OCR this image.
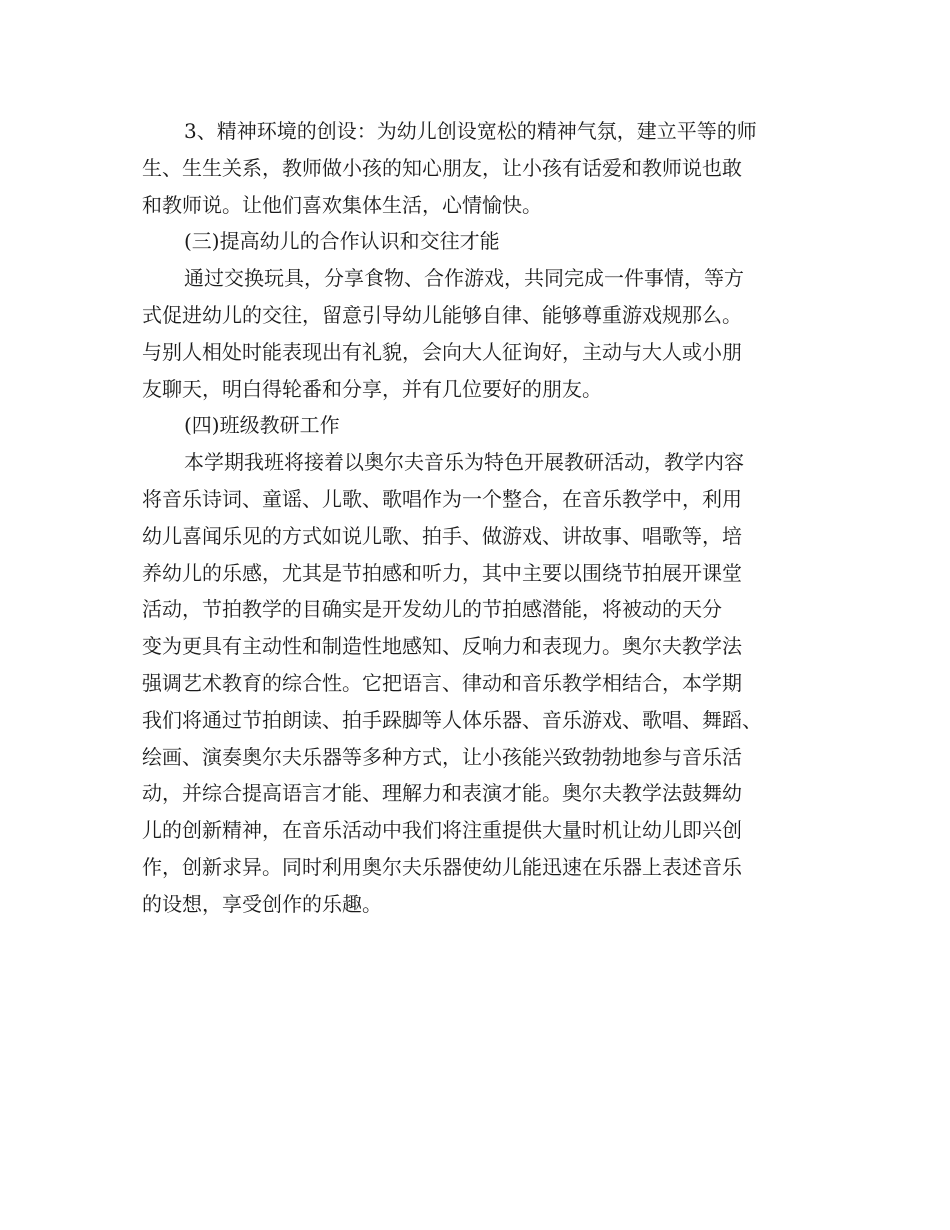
3、精神环境的创设：为幼儿创设宽松的精神气氛，建立平等的师
生、生生关系，教师做小孩的知心朋友，让小孩有话爱和教师说也敢
和教师说。让他们喜欢集体生活，心情愉快。
(三)提高幼儿的合作认识和交往才能
通过交换玩具，分享食物、合作游戏，共同完成一件事情，等方
式促进幼儿的交往，留意引导幼儿能够自律、能够尊重游戏规那么。
与别人相处时能表现出有礼貌，会向大人征询好，主动与大人或小朋
友聊天，明白得轮番和分享，并有几位要好的朋友。
(四)班级教研工作
本学期我班将接着以奥尔夫音乐为特色开展教研活动，教学内容
将音乐诗词、童谣、儿歌、歌唱作为一个整合，在音乐教学中，利用
幼儿喜闻乐见的方式如说儿歌、拍手、做游戏、讲故事、唱歌等，培
养幼儿的乐感，尤其是节拍感和听力，其中主要以围绕节拍展开课堂
活动，节拍教学的目确实是开发幼儿的节拍感潜能，将被动的天分
变为更具有主动性和制造性地感知、反响力和表现力。奥尔夫教学法
强调艺术教育的综合性。它把语言、律动和音乐教学相结合，本学期
我们将通过节拍朗读、拍手跺脚等人体乐器、音乐游戏、歌唱、舞蹈、
绘画、演奏奥尔夫乐器等多种方式，让小孩能兴致勃勃地参与音乐活
动，并综合提高语言才能、理解力和表演才能。奥尔夫教学法鼓舞幼
儿的创新精神，在音乐活动中我们将注重提供大量时机让幼儿即兴创
作，创新求异。同时利用奥尔夫乐器使幼儿能迅速在乐器上表述音乐
的设想，享受创作的乐趣。
